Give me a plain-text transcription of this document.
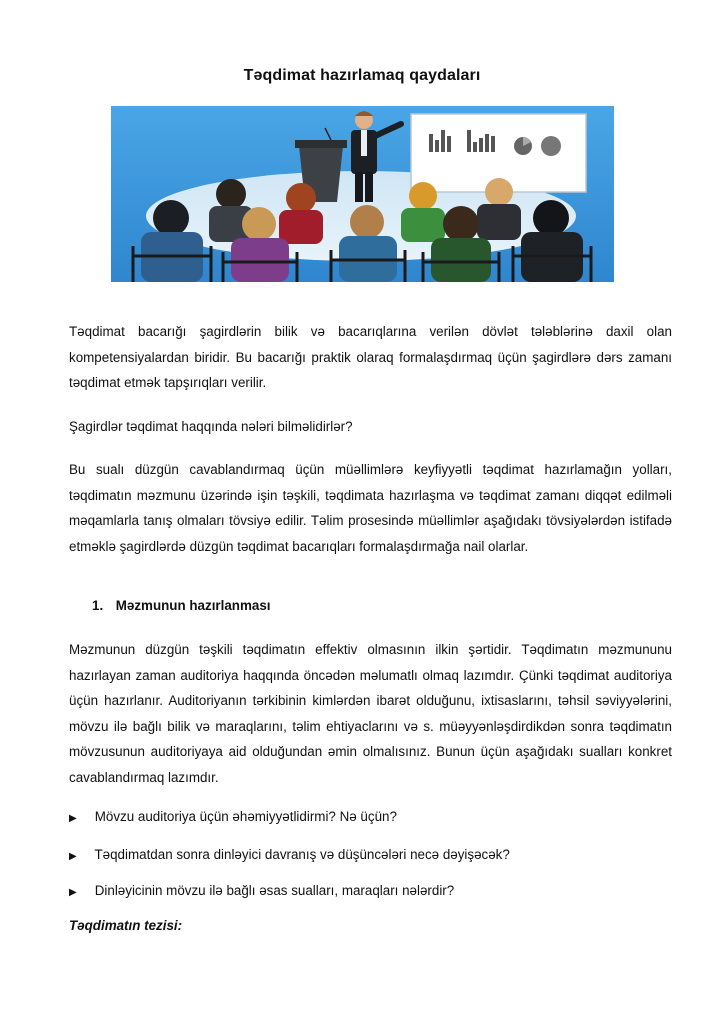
Təqdimat hazırlamaq qaydaları

Təqdimat bacarığı şagirdlərin bilik və bacarıqlarına verilən dövlət tələblərinə daxil olan kompetensiyalardan biridir. Bu bacarığı praktik olaraq formalaşdırmaq üçün şagirdlərə dərs zamanı təqdimat etmək tapşırıqları verilir.

Şagirdlər təqdimat haqqında nələri bilməlidirlər?

Bu sualı düzgün cavablandırmaq üçün müəllimlərə keyfiyyətli təqdimat hazırlamağın yolları, təqdimatın məzmunu üzərində işin təşkili, təqdimata hazırlaşma və təqdimat zamanı diqqət edilməli məqamlarla tanış olmaları tövsiyə edilir. Təlim prosesində müəllimlər aşağıdakı tövsiyələrdən istifadə etməklə şagirdlərdə düzgün təqdimat bacarıqları formalaşdırmağa nail olarlar.

1. Məzmunun hazırlanması

Məzmunun düzgün təşkili təqdimatın effektiv olmasının ilkin şərtidir. Təqdimatın məzmununu hazırlayan zaman auditoriya haqqında öncədən məlumatlı olmaq lazımdır. Çünki təqdimat auditoriya üçün hazırlanır. Auditoriyanın tərkibinin kimlərdən ibarət olduğunu, ixtisaslarını, təhsil səviyyələrini, mövzu ilə bağlı bilik və maraqlarını, təlim ehtiyaclarını və s. müəyyənləşdirdikdən sonra təqdimatın mövzusunun auditoriyaya aid olduğundan əmin olmalısınız. Bunun üçün aşağıdakı sualları konkret cavablandırmaq lazımdır.

▶ Mövzu auditoriya üçün əhəmiyyətlidirmi? Nə üçün?
▶ Təqdimatdan sonra dinləyici davranış və düşüncələri necə dəyişəcək?
▶ Dinləyicinin mövzu ilə bağlı əsas sualları, maraqları nələrdir?
Təqdimatın tezisi:
